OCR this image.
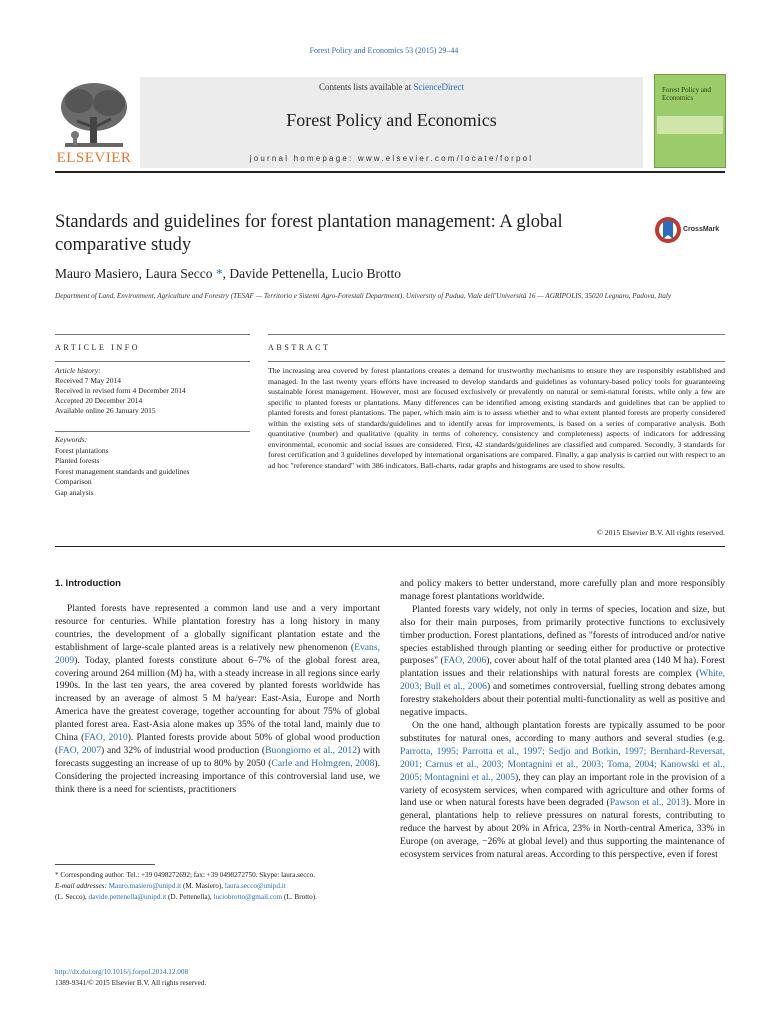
Forest Policy and Economics 53 (2015) 29–44
Contents lists available at ScienceDirect
Forest Policy and Economics
journal homepage: www.elsevier.com/locate/forpol
ELSEVIER
Forest Policy and Economics
Standards and guidelines for forest plantation management: A global comparative study
CrossMark
Mauro Masiero, Laura Secco *, Davide Pettenella, Lucio Brotto
Department of Land, Environment, Agriculture and Forestry (TESAF — Territorio e Sistemi Agro-Forestali Department), University of Padua, Viale dell'Università 16 — AGRIPOLIS, 35020 Legnaro, Padova, Italy
ARTICLE INFO	ABSTRACT
Article history:
Received 7 May 2014
Received in revised form 4 December 2014
Accepted 20 December 2014
Available online 26 January 2015
Keywords:
Forest plantations
Planted forests
Forest management standards and guidelines
Comparison
Gap analysis
The increasing area covered by forest plantations creates a demand for trustworthy mechanisms to ensure they are responsibly established and managed. In the last twenty years efforts have increased to develop standards and guidelines as voluntary-based policy tools for guaranteeing sustainable forest management. However, most are focused exclusively or prevalently on natural or semi-natural forests, while only a few are specific to planted forests or plantations. Many differences can be identified among existing standards and guidelines that can be applied to planted forests and forest plantations. The paper, which main aim is to assess whether and to what extent planted forests are properly considered within the existing sets of standards/guidelines and to identify areas for improvements, is based on a series of comparative analysis. Both quantitative (number) and qualitative (quality in terms of coherency, consistency and completeness) aspects of indicators for addressing environmental, economic and social issues are considered. First, 42 standards/guidelines are classified and compared. Secondly, 3 standards for forest certification and 3 guidelines developed by international organisations are compared. Finally, a gap analysis is carried out with respect to an ad hoc "reference standard" with 386 indicators. Ball-charts, radar graphs and histograms are used to show results.
© 2015 Elsevier B.V. All rights reserved.
1. Introduction

Planted forests have represented a common land use and a very important resource for centuries. While plantation forestry has a long history in many countries, the development of a globally significant plantation estate and the establishment of large-scale planted areas is a relatively new phenomenon (Evans, 2009). Today, planted forests constitute about 6–7% of the global forest area, covering around 264 million (M) ha, with a steady increase in all regions since early 1990s. In the last ten years, the area covered by planted forests worldwide has increased by an average of almost 5 M ha/year: East-Asia, Europe and North America have the greatest coverage, together accounting for about 75% of global planted forest area. East-Asia alone makes up 35% of the total land, mainly due to China (FAO, 2010). Planted forests provide about 50% of global wood production (FAO, 2007) and 32% of industrial wood production (Buongiorno et al., 2012) with forecasts suggesting an increase of up to 80% by 2050 (Carle and Holmgren, 2008). Considering the projected increasing importance of this controversial land use, we think there is a need for scientists, practitioners

and policy makers to better understand, more carefully plan and more responsibly manage forest plantations worldwide.

Planted forests vary widely, not only in terms of species, location and size, but also for their main purposes, from primarily protective functions to exclusively timber production. Forest plantations, defined as "forests of introduced and/or native species established through planting or seeding either for productive or protective purposes" (FAO, 2006), cover about half of the total planted area (140 M ha). Forest plantation issues and their relationships with natural forests are complex (White, 2003; Bull et al., 2006) and sometimes controversial, fuelling strong debates among forestry stakeholders about their potential multi-functionality as well as positive and negative impacts.

On the one hand, although plantation forests are typically assumed to be poor substitutes for natural ones, according to many authors and several studies (e.g. Parrotta, 1995; Parrotta et al., 1997; Sedjo and Botkin, 1997; Bernhard-Reversat, 2001; Carnus et al., 2003; Montagnini et al., 2003; Toma, 2004; Kanowski et al., 2005; Montagnini et al., 2005), they can play an important role in the provision of a variety of ecosystem services, when compared with agriculture and other forms of land use or when natural forests have been degraded (Pawson et al., 2013). More in general, plantations help to relieve pressures on natural forests, contributing to reduce the harvest by about 20% in Africa, 23% in North-central America, 33% in Europe (on average, −26% at global level) and thus supporting the maintenance of ecosystem services from natural areas. According to this perspective, even if forest

* Corresponding author. Tel.: +39 0498272692; fax: +39 0498272750. Skype: laura.secco.
E-mail addresses: Mauro.masiero@unipd.it (M. Masiero), laura.secco@unipd.it
(L. Secco), davide.pettenella@unipd.it (D. Pettenella), luciobrotto@gmail.com (L. Brotto).
http://dx.doi.org/10.1016/j.forpol.2014.12.008
1389-9341/© 2015 Elsevier B.V. All rights reserved.
